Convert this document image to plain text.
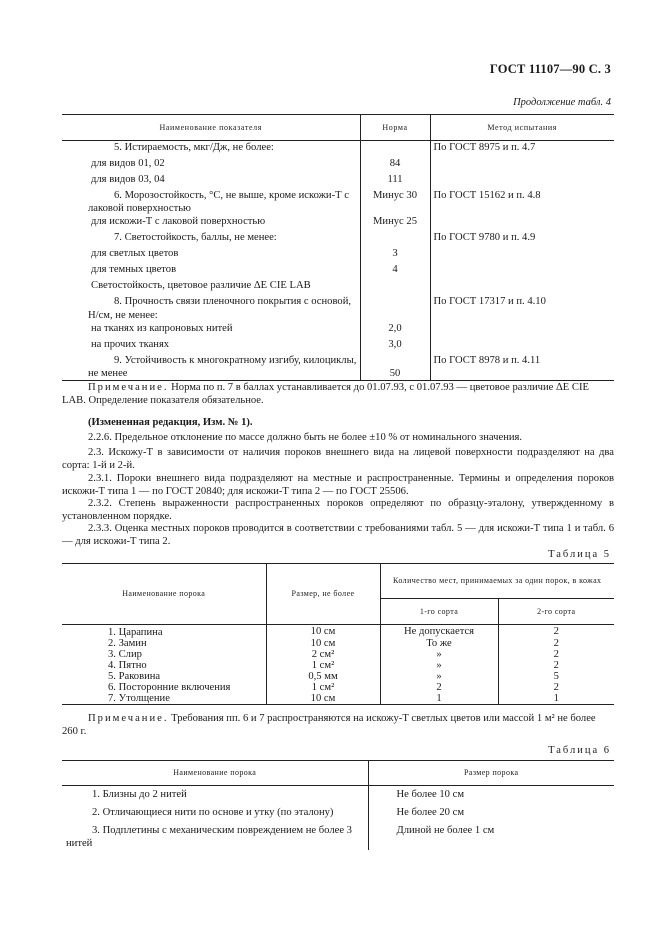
ГОСТ 11107—90 С. 3
Продолжение табл. 4
Наименование показателя	Норма	Метод испытания
5. Истираемость, мкг/Дж, не более:		По ГОСТ 8975 и п. 4.7
для видов 01, 02	84	
для видов 03, 04	111	
6. Морозостойкость, °С, не выше, кроме искожи-Т с лаковой поверхностью	Минус 30	По ГОСТ 15162 и п. 4.8
для искожи-Т с лаковой поверхностью	Минус 25	
7. Светостойкость, баллы, не менее:		По ГОСТ 9780 и п. 4.9
для светлых цветов	3	
для темных цветов	4	
Светостойкость, цветовое различие ΔE CIE LAB		
8. Прочность связи пленочного покрытия с основой, Н/см, не менее:		По ГОСТ 17317 и п. 4.10
на тканях из капроновых нитей	2,0	
на прочих тканях	3,0	
9. Устойчивость к многократному изгибу, килоциклы, не менее	50	По ГОСТ 8978 и п. 4.11
Примечание. Норма по п. 7 в баллах устанавливается до 01.07.93, с 01.07.93 — цветовое различие ΔE CIE LAB. Определение показателя обязательное.
(Измененная редакция, Изм. № 1).
2.2.6. Предельное отклонение по массе должно быть не более ±10 % от номинального значения.
2.3. Искожу-Т в зависимости от наличия пороков внешнего вида на лицевой поверхности подразделяют на два сорта: 1-й и 2-й.
2.3.1. Пороки внешнего вида подразделяют на местные и распространенные. Термины и определения пороков искожи-Т типа 1 — по ГОСТ 20840; для искожи-Т типа 2 — по ГОСТ 25506.
2.3.2. Степень выраженности распространенных пороков определяют по образцу-эталону, утвержденному в установленном порядке.
2.3.3. Оценка местных пороков проводится в соответствии с требованиями табл. 5 — для искожи-Т типа 1 и табл. 6 — для искожи-Т типа 2.
Таблица 5
Наименование порока	Размер, не более	Количество мест, принимаемых за один порок, в кожах	
		1-го сорта	2-го сорта
1. Царапина	10 см	Не допускается	2
2. Замин	10 см	То же	2
3. Слир	2 см²	»	2
4. Пятно	1 см²	»	2
5. Раковина	0,5 мм	»	5
6. Посторонние включения	1 см²	2	2
7. Утолщение	10 см	1	1
Примечание. Требования пп. 6 и 7 распространяются на искожу-Т светлых цветов или массой 1 м² не более 260 г.
Таблица 6
Наименование порока	Размер порока
1. Близны до 2 нитей	Не более 10 см
2. Отличающиеся нити по основе и утку (по эталону)	Не более 20 см
3. Подплетины с механическим повреждением не более 3 нитей	Длиной не более 1 см
